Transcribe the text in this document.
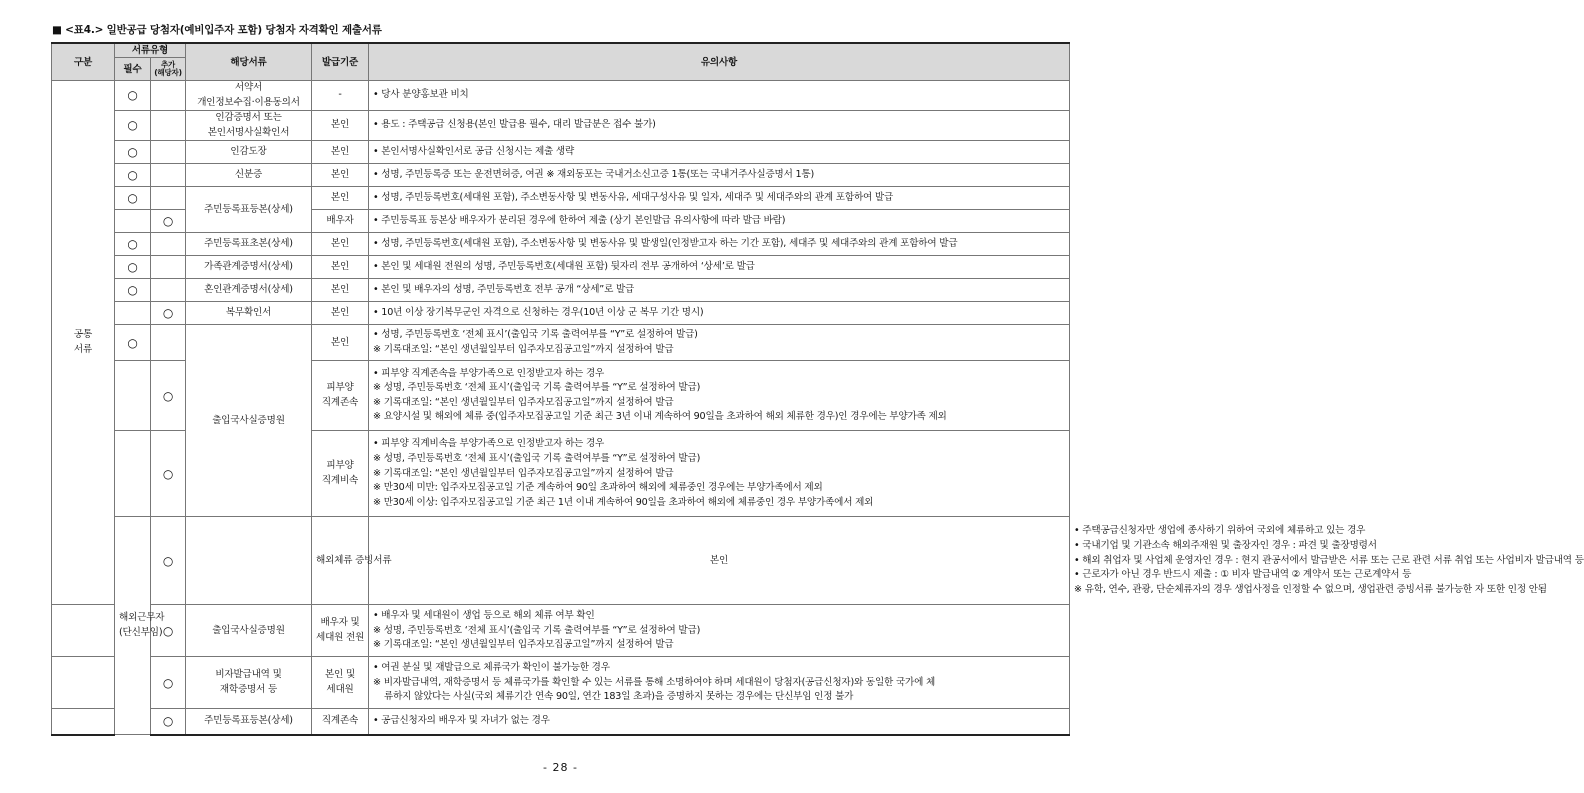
■ <표4.> 일반공급 당첨자(예비입주자 포함) 당첨자 자격확인 제출서류
구분	서류유형		해당서류	발급기준	유의사항	
	필수	추가
(해당자)				

공통
서류	○		서약서
개인정보수집·이용동의서	-	• 당사 분양홍보관 비치	

	○		인감증명서 또는
본인서명사실확인서	본인	• 용도 : 주택공급 신청용(본인 발급용 필수, 대리 발급분은 접수 불가)	

	○		인감도장	본인	• 본인서명사실확인서로 공급 신청시는 제출 생략	

	○		신분증	본인	• 성명, 주민등록증 또는 운전면허증, 여권 ※ 재외동포는 국내거소신고증 1통(또는 국내거주사실증명서 1통)	

	○		주민등록표등본(상세)	본인	• 성명, 주민등록번호(세대원 포함), 주소변동사항 및 변동사유, 세대구성사유 및 일자, 세대주 및 세대주와의 관계 포함하여 발급	

		○		배우자	• 주민등록표 등본상 배우자가 분리된 경우에 한하여 제출 (상기 본인발급 유의사항에 따라 발급 바람)	

	○		주민등록표초본(상세)	본인	• 성명, 주민등록번호(세대원 포함), 주소변동사항 및 변동사유 및 발생일(인정받고자 하는 기간 포함), 세대주 및 세대주와의 관계 포함하여 발급	

	○		가족관계증명서(상세)	본인	• 본인 및 세대원 전원의 성명, 주민등록번호(세대원 포함) 뒷자리 전부 공개하여 ‘상세’로 발급	

	○		혼인관계증명서(상세)	본인	• 본인 및 배우자의 성명, 주민등록번호 전부 공개 “상세”로 발급	

		○	복무확인서	본인	• 10년 이상 장기복무군인 자격으로 신청하는 경우(10년 이상 군 복무 기간 명시)	

	○		출입국사실증명원	본인	• 성명, 주민등록번호 ‘전체 표시’(출입국 기록 출력여부를 “Y”로 설정하여 발급)
※ 기록대조일: “본인 생년월일부터 입주자모집공고일”까지 설정하여 발급	

		○		피부양
직계존속	• 피부양 직계존속을 부양가족으로 인정받고자 하는 경우
※ 성명, 주민등록번호 ‘전체 표시’(출입국 기록 출력여부를 “Y”로 설정하여 발급)
※ 기록대조일: “본인 생년월일부터 입주자모집공고일”까지 설정하여 발급
※ 요양시설 및 해외에 체류 중(입주자모집공고일 기준 최근 3년 이내 계속하여 90일을 초과하여 해외 체류한 경우)인 경우에는 부양가족 제외	

		○		피부양
직계비속	• 피부양 직계비속을 부양가족으로 인정받고자 하는 경우
※ 성명, 주민등록번호 ‘전체 표시’(출입국 기록 출력여부를 “Y”로 설정하여 발급)
※ 기록대조일: “본인 생년월일부터 입주자모집공고일”까지 설정하여 발급
※ 만30세 미만: 입주자모집공고일 기준 계속하여 90일 초과하여 해외에 체류중인 경우에는 부양가족에서 제외
※ 만30세 이상: 입주자모집공고일 기준 최근 1년 이내 계속하여 90일을 초과하여 해외에 체류중인 경우 부양가족에서 제외	

	해외근무자
(단신부임)	○		해외체류 증빙서류	본인	• 주택공급신청자만 생업에 종사하기 위하여 국외에 체류하고 있는 경우
• 국내기업 및 기관소속 해외주재원 및 출장자인 경우 : 파견 및 출장명령서
• 해외 취업자 및 사업체 운영자인 경우 : 현지 관공서에서 발급받은 서류 또는 근로 관련 서류 취업 또는 사업비자 발급내역 등
• 근로자가 아닌 경우 반드시 제출 : ① 비자 발급내역 ② 계약서 또는 근로계약서 등
※ 유학, 연수, 관광, 단순체류자의 경우 생업사정을 인정할 수 없으며, 생업관련 증빙서류 불가능한 자 또한 인정 안됨

		○	출입국사실증명원	배우자 및
세대원 전원	• 배우자 및 세대원이 생업 등으로 해외 체류 여부 확인
※ 성명, 주민등록번호 ‘전체 표시’(출입국 기록 출력여부를 “Y”로 설정하여 발급)
※ 기록대조일: “본인 생년월일부터 입주자모집공고일”까지 설정하여 발급	

		○	비자발급내역 및
재학증명서 등	본인 및
세대원	• 여권 분실 및 재발급으로 체류국가 확인이 불가능한 경우
※ 비자발급내역, 재학증명서 등 체류국가를 확인할 수 있는 서류를 통해 소명하여야 하며 세대원이 당첨자(공급신청자)와 동일한 국가에 체
류하지 않았다는 사실(국외 체류기간 연속 90일, 연간 183일 초과)을 증명하지 못하는 경우에는 단신부임 인정 불가	

		○	주민등록표등본(상세)	직계존속	• 공급신청자의 배우자 및 자녀가 없는 경우	
- 28 -
